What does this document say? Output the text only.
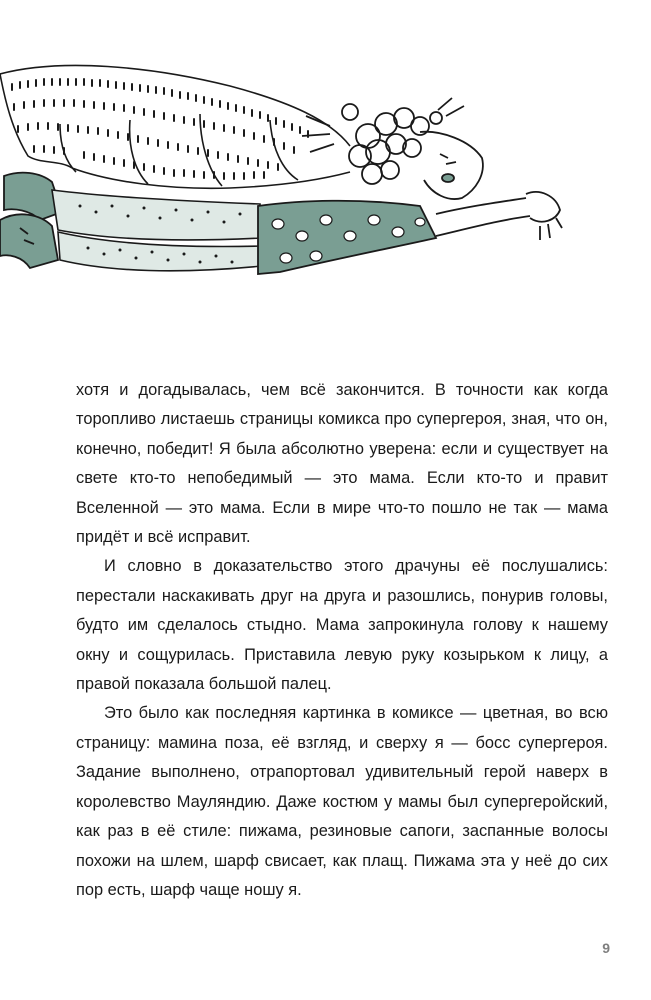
хотя и догадывалась, чем всё закончится. В точности как когда торопливо листаешь страницы комикса про супергероя, зная, что он, конечно, победит! Я была абсолютно уверена: если и существует на свете кто-то непобедимый — это мама. Если кто-то и правит Вселенной — это мама. Если в мире что-то пошло не так — мама придёт и всё исправит.

И словно в доказательство этого драчуны её послушались: перестали наскакивать друг на друга и разошлись, понурив головы, будто им сделалось стыдно. Мама запрокинула голову к нашему окну и сощурилась. Приставила левую руку козырьком к лицу, а правой показала большой палец.

Это было как последняя картинка в комиксе — цветная, во всю страницу: мамина поза, её взгляд, и сверху я — босс супергероя. Задание выполнено, отрапортовал удивительный герой наверх в королевство Мауляндию. Даже костюм у мамы был супергеройский, как раз в её стиле: пижама, резиновые сапоги, заспанные волосы похожи на шлем, шарф свисает, как плащ. Пижама эта у неё до сих пор есть, шарф чаще ношу я.

9
